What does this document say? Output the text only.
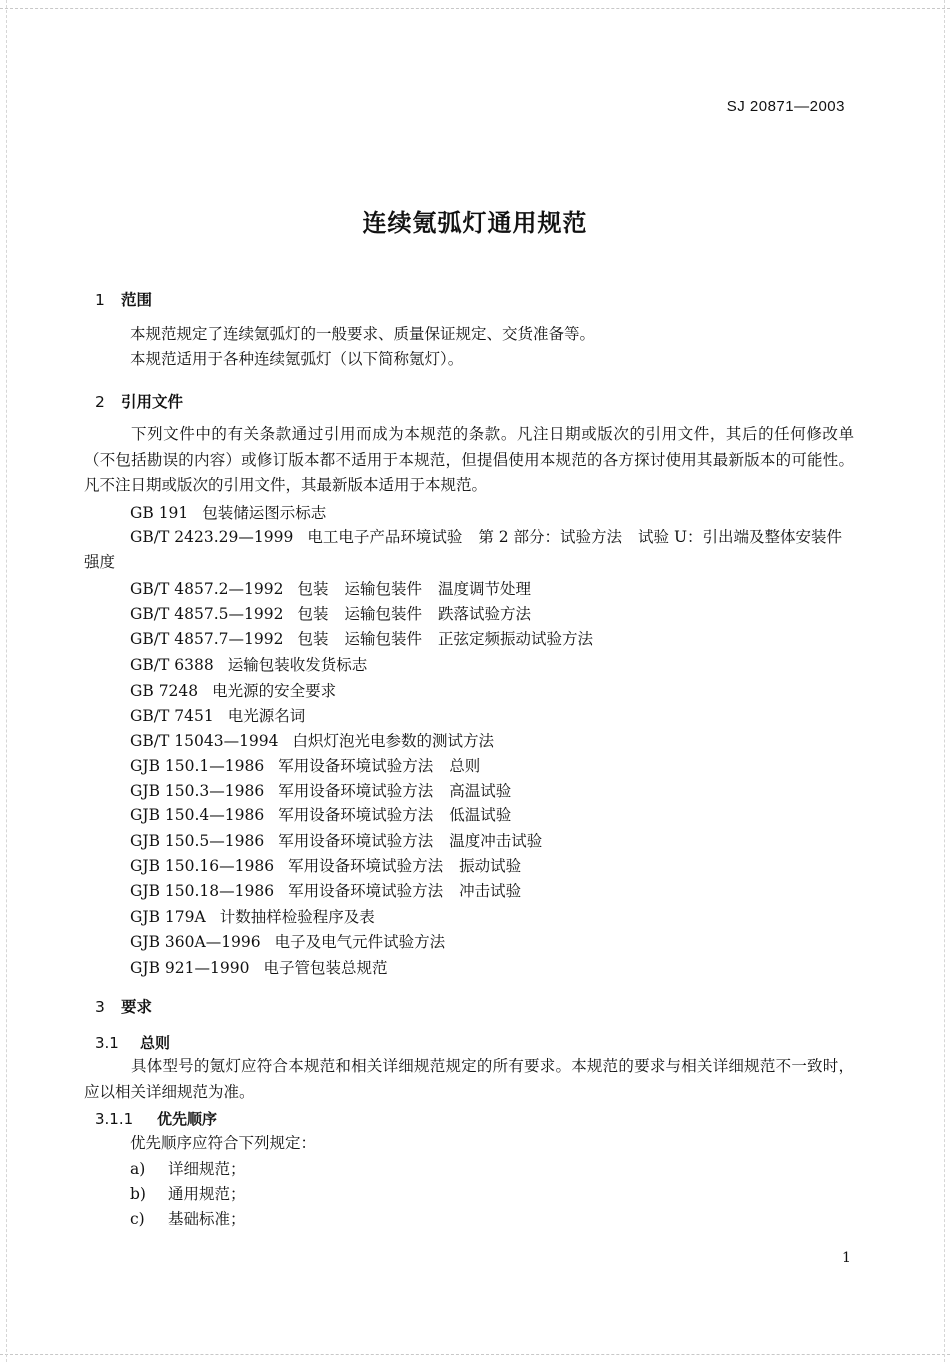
SJ 20871—2003
连续氪弧灯通用规范
1 范围
本规范规定了连续氪弧灯的一般要求、质量保证规定、交货准备等。
本规范适用于各种连续氪弧灯（以下简称氪灯）。
2 引用文件
下列文件中的有关条款通过引用而成为本规范的条款。凡注日期或版次的引用文件，其后的任何修改单（不包括勘误的内容）或修订版本都不适用于本规范，但提倡使用本规范的各方探讨使用其最新版本的可能性。凡不注日期或版次的引用文件，其最新版本适用于本规范。
GB 191 包装储运图示标志
GB/T 2423.29—1999 电工电子产品环境试验 第 2 部分：试验方法 试验 U：引出端及整体安装件强度
GB/T 4857.2—1992 包装 运输包装件 温度调节处理
GB/T 4857.5—1992 包装 运输包装件 跌落试验方法
GB/T 4857.7—1992 包装 运输包装件 正弦定频振动试验方法
GB/T 6388 运输包装收发货标志
GB 7248 电光源的安全要求
GB/T 7451 电光源名词
GB/T 15043—1994 白炽灯泡光电参数的测试方法
GJB 150.1—1986 军用设备环境试验方法 总则
GJB 150.3—1986 军用设备环境试验方法 高温试验
GJB 150.4—1986 军用设备环境试验方法 低温试验
GJB 150.5—1986 军用设备环境试验方法 温度冲击试验
GJB 150.16—1986 军用设备环境试验方法 振动试验
GJB 150.18—1986 军用设备环境试验方法 冲击试验
GJB 179A 计数抽样检验程序及表
GJB 360A—1996 电子及电气元件试验方法
GJB 921—1990 电子管包装总规范
3 要求
3.1 总则
具体型号的氪灯应符合本规范和相关详细规范规定的所有要求。本规范的要求与相关详细规范不一致时，应以相关详细规范为准。
3.1.1 优先顺序
优先顺序应符合下列规定：
a) 详细规范；
b) 通用规范；
c) 基础标准；
1
